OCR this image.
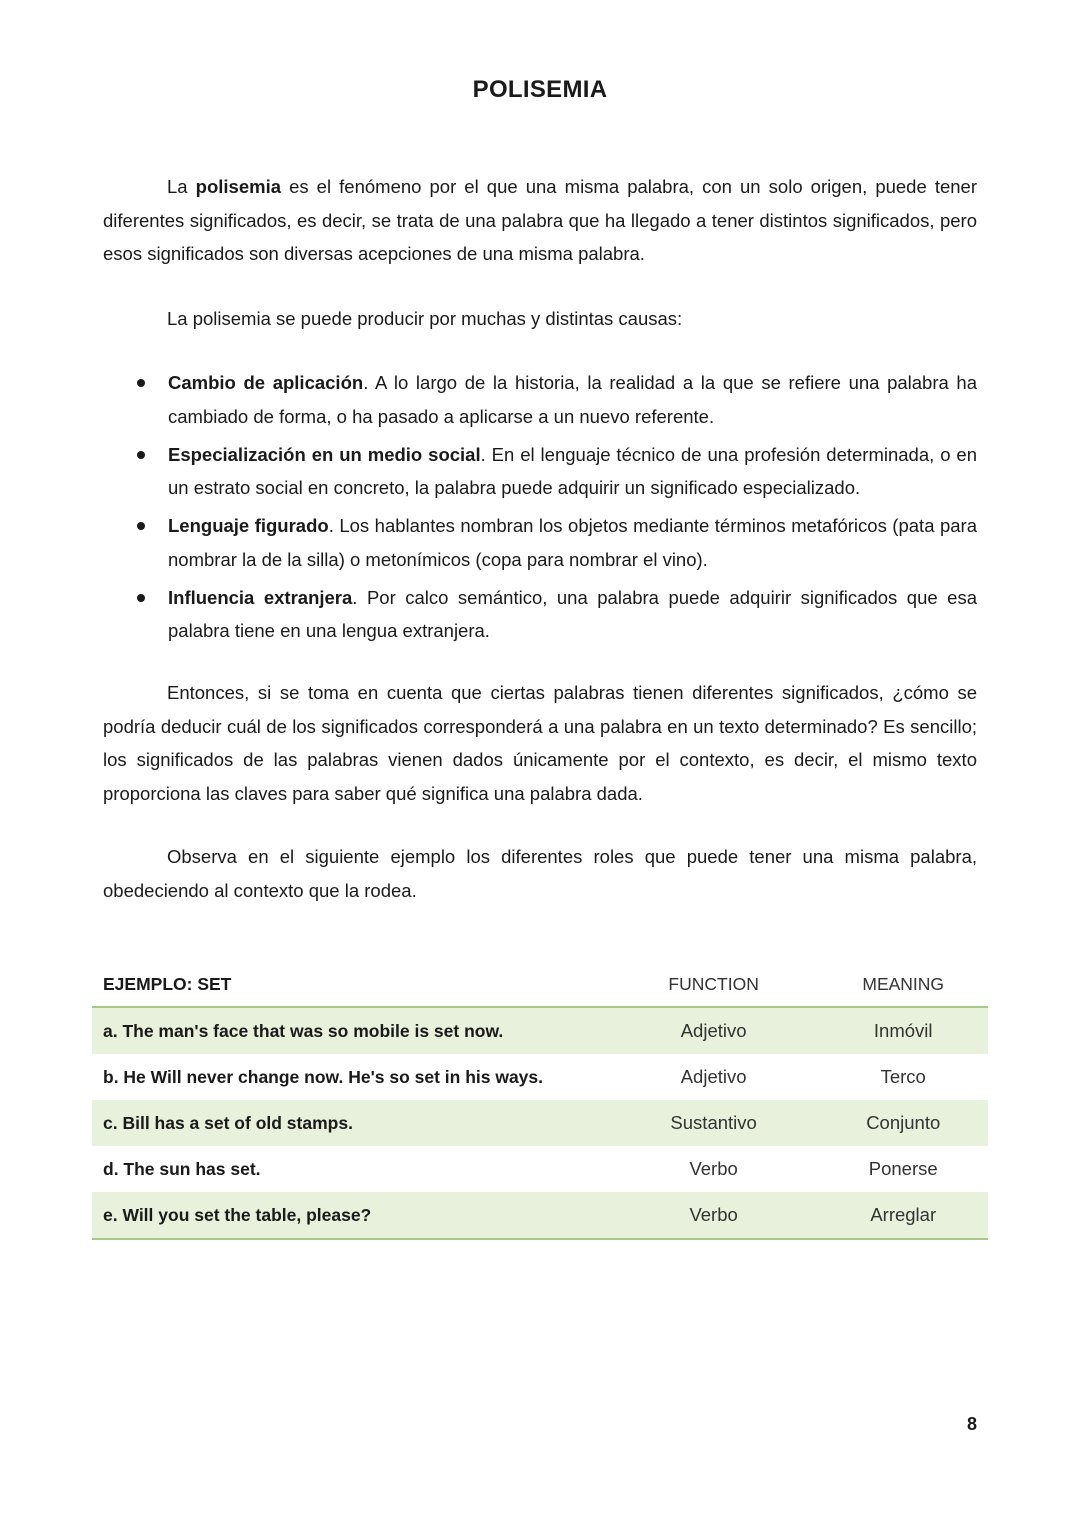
POLISEMIA

La polisemia es el fenómeno por el que una misma palabra, con un solo origen, puede tener diferentes significados, es decir, se trata de una palabra que ha llegado a tener distintos significados, pero esos significados son diversas acepciones de una misma palabra.

La polisemia se puede producir por muchas y distintas causas:

Cambio de aplicación. A lo largo de la historia, la realidad a la que se refiere una palabra ha cambiado de forma, o ha pasado a aplicarse a un nuevo referente.
Especialización en un medio social. En el lenguaje técnico de una profesión determinada, o en un estrato social en concreto, la palabra puede adquirir un significado especializado.
Lenguaje figurado. Los hablantes nombran los objetos mediante términos metafóricos (pata para nombrar la de la silla) o metonímicos (copa para nombrar el vino).
Influencia extranjera. Por calco semántico, una palabra puede adquirir significados que esa palabra tiene en una lengua extranjera.

Entonces, si se toma en cuenta que ciertas palabras tienen diferentes significados, ¿cómo se podría deducir cuál de los significados corresponderá a una palabra en un texto determinado? Es sencillo; los significados de las palabras vienen dados únicamente por el contexto, es decir, el mismo texto proporciona las claves para saber qué significa una palabra dada.

Observa en el siguiente ejemplo los diferentes roles que puede tener una misma palabra, obedeciendo al contexto que la rodea.

EJEMPLO: SET	FUNCTION	MEANING
a. The man's face that was so mobile is set now.	Adjetivo	Inmóvil
b. He Will never change now. He's so set in his ways.	Adjetivo	Terco
c. Bill has a set of old stamps.	Sustantivo	Conjunto
d. The sun has set.	Verbo	Ponerse
e. Will you set the table, please?	Verbo	Arreglar

8
